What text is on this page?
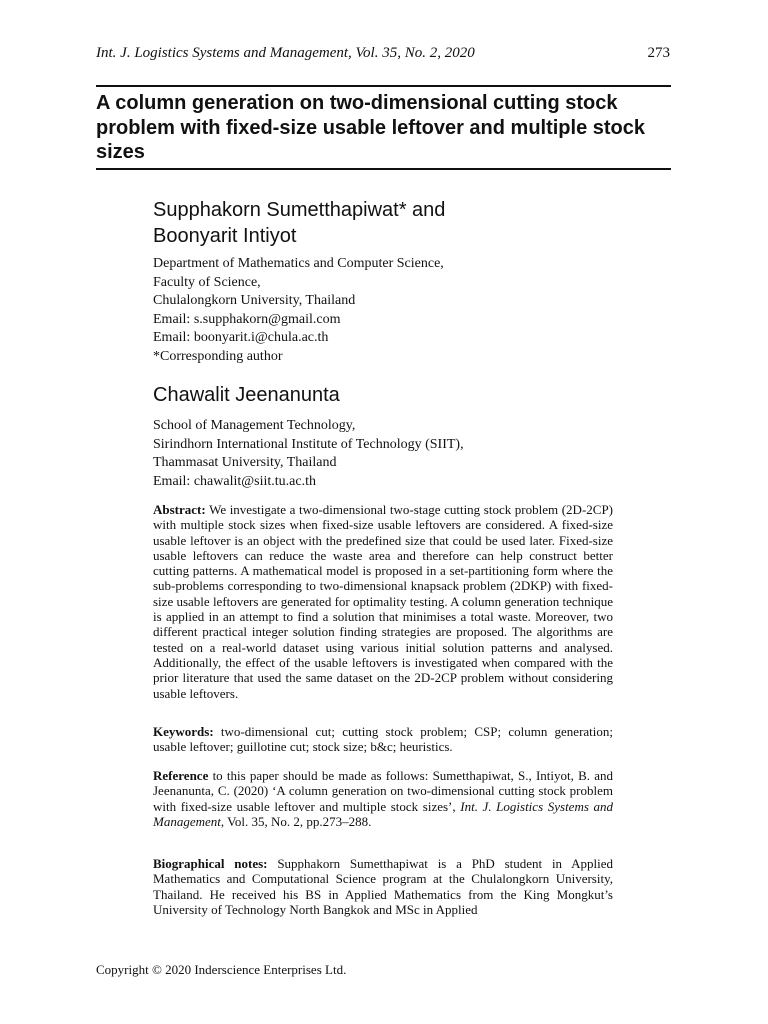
Int. J. Logistics Systems and Management, Vol. 35, No. 2, 2020	273
A column generation on two-dimensional cutting stock problem with fixed-size usable leftover and multiple stock sizes
Supphakorn Sumetthapiwat* and
Boonyarit Intiyot
Department of Mathematics and Computer Science,
Faculty of Science,
Chulalongkorn University, Thailand
Email: s.supphakorn@gmail.com
Email: boonyarit.i@chula.ac.th
*Corresponding author
Chawalit Jeenanunta
School of Management Technology,
Sirindhorn International Institute of Technology (SIIT),
Thammasat University, Thailand
Email: chawalit@siit.tu.ac.th
Abstract: We investigate a two-dimensional two-stage cutting stock problem (2D-2CP) with multiple stock sizes when fixed-size usable leftovers are considered. A fixed-size usable leftover is an object with the predefined size that could be used later. Fixed-size usable leftovers can reduce the waste area and therefore can help construct better cutting patterns. A mathematical model is proposed in a set-partitioning form where the sub-problems corresponding to two-dimensional knapsack problem (2DKP) with fixed-size usable leftovers are generated for optimality testing. A column generation technique is applied in an attempt to find a solution that minimises a total waste. Moreover, two different practical integer solution finding strategies are proposed. The algorithms are tested on a real-world dataset using various initial solution patterns and analysed. Additionally, the effect of the usable leftovers is investigated when compared with the prior literature that used the same dataset on the 2D-2CP problem without considering usable leftovers.
Keywords: two-dimensional cut; cutting stock problem; CSP; column generation; usable leftover; guillotine cut; stock size; b&c; heuristics.
Reference to this paper should be made as follows: Sumetthapiwat, S., Intiyot, B. and Jeenanunta, C. (2020) ‘A column generation on two-dimensional cutting stock problem with fixed-size usable leftover and multiple stock sizes’, Int. J. Logistics Systems and Management, Vol. 35, No. 2, pp.273–288.
Biographical notes: Supphakorn Sumetthapiwat is a PhD student in Applied Mathematics and Computational Science program at the Chulalongkorn University, Thailand. He received his BS in Applied Mathematics from the King Mongkut’s University of Technology North Bangkok and MSc in Applied
Copyright © 2020 Inderscience Enterprises Ltd.
